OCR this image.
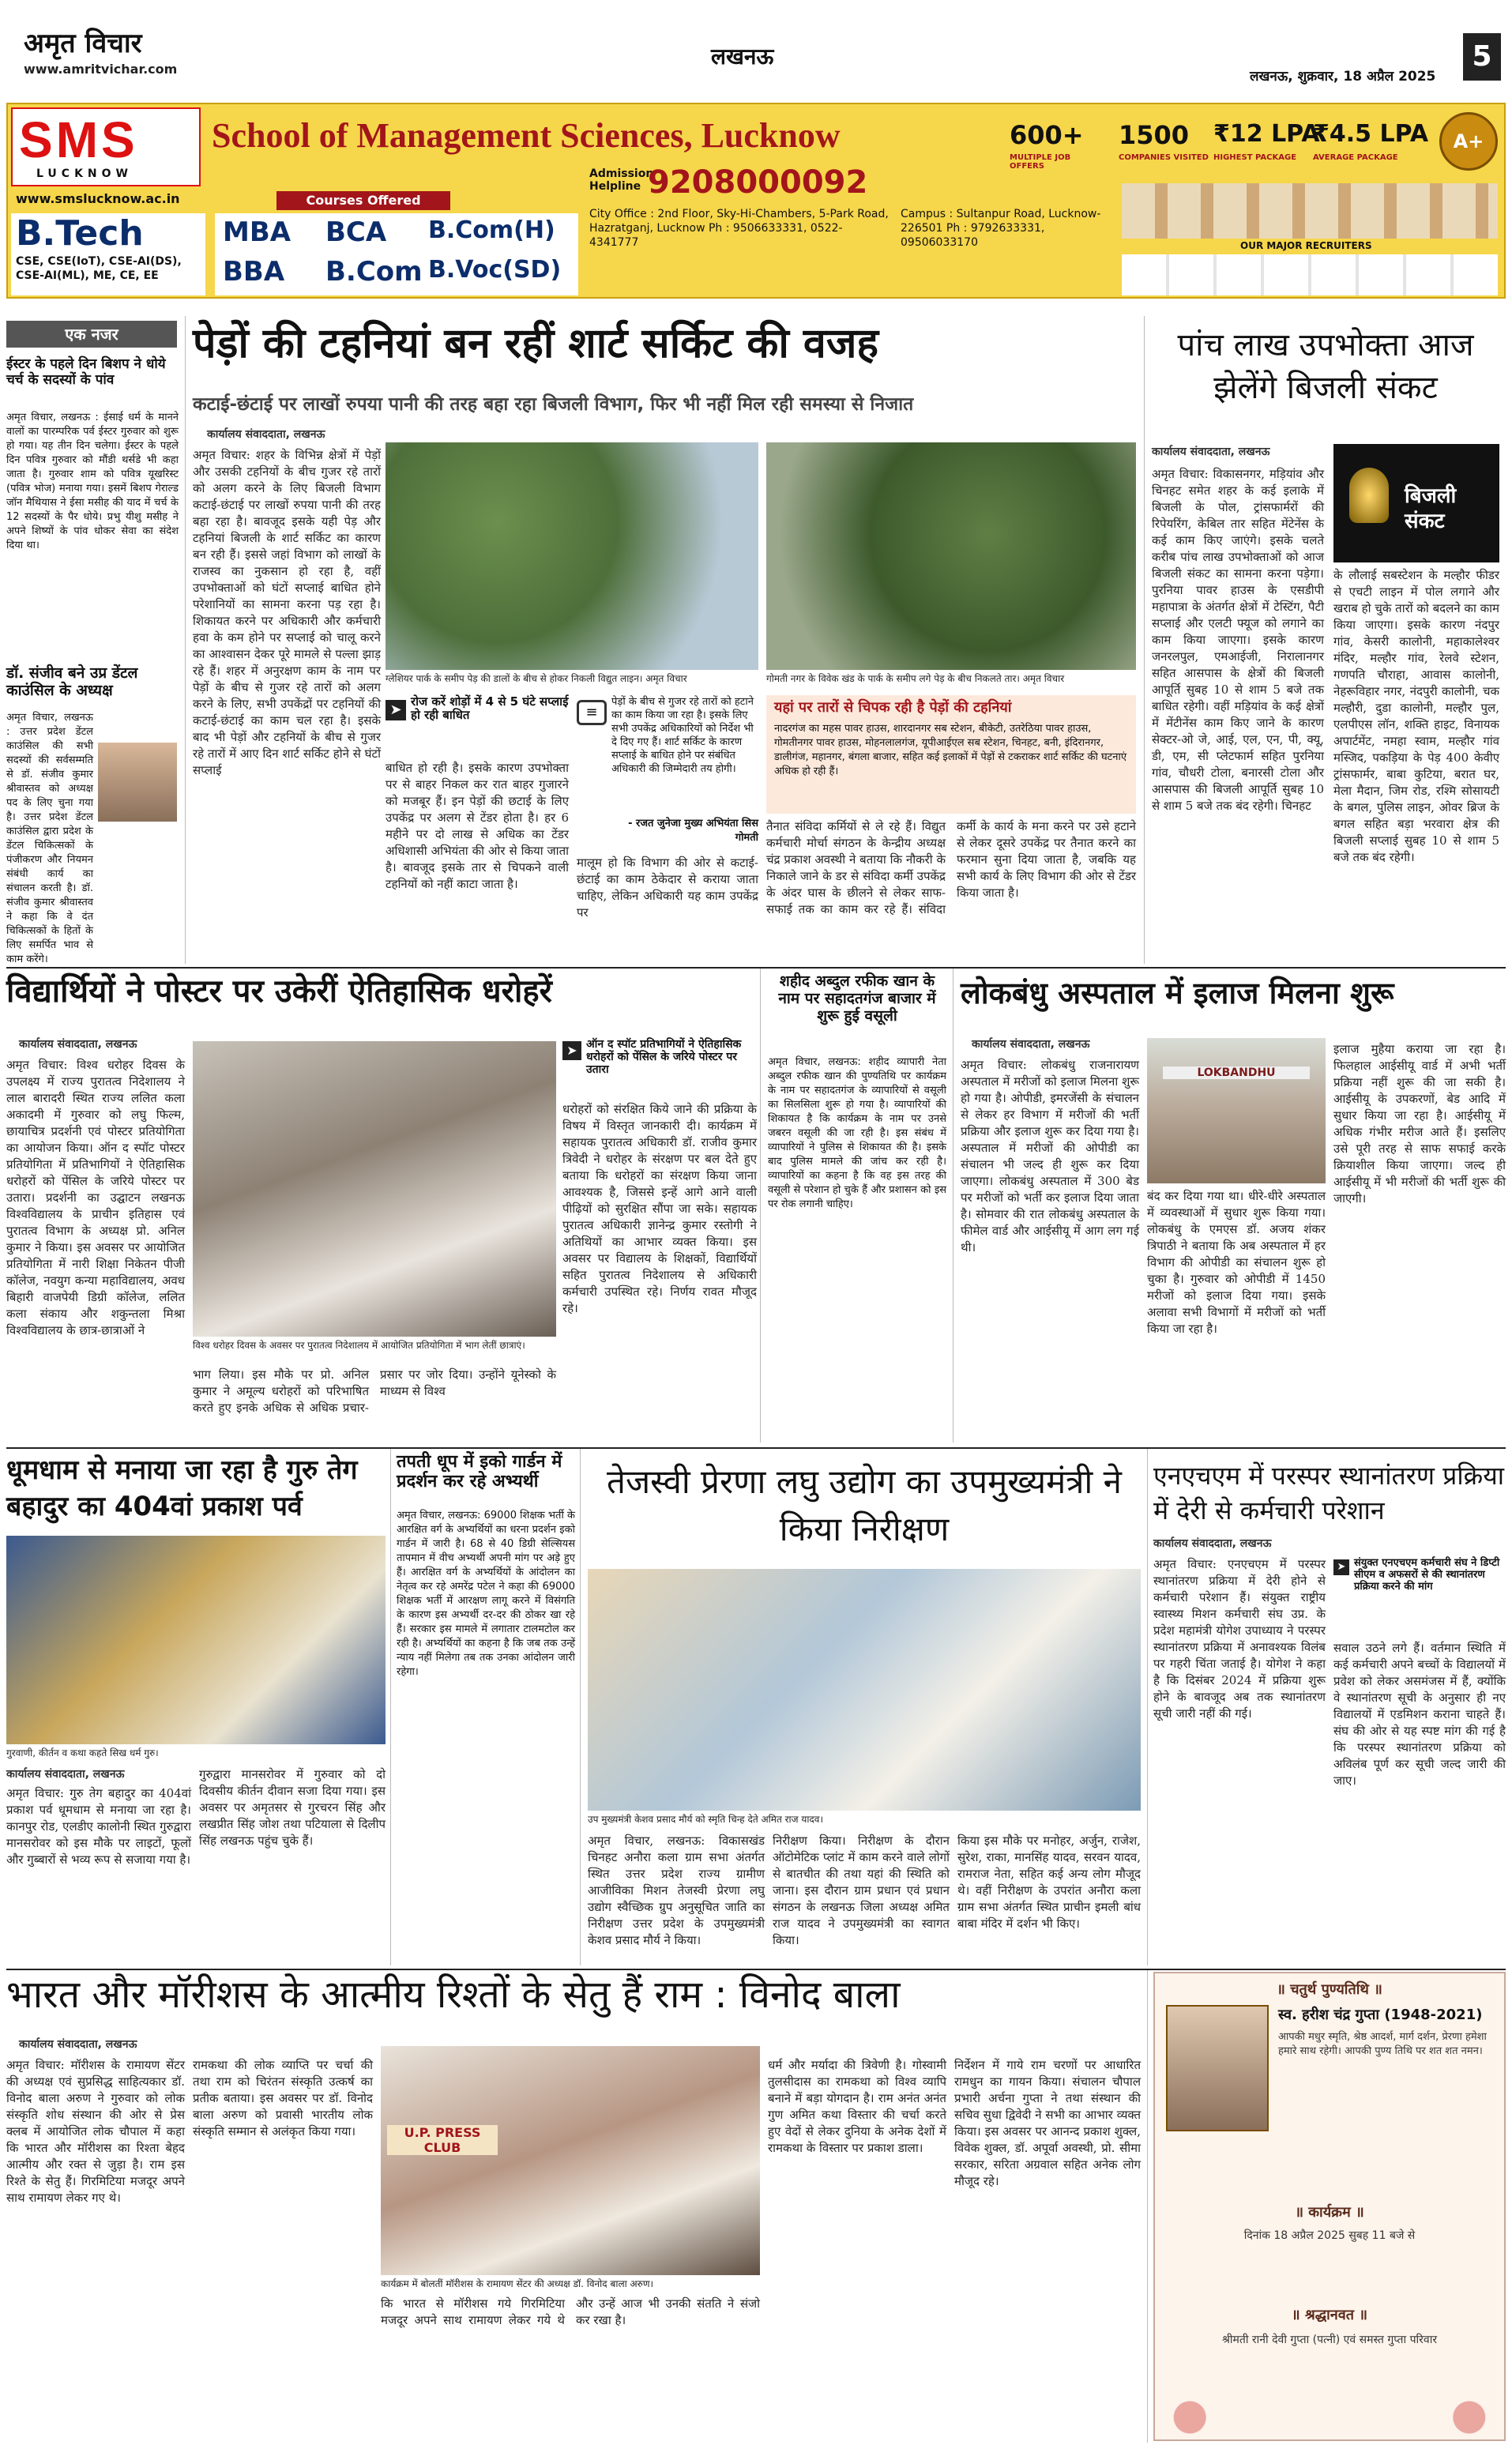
अमृत विचार
www.amritvichar.com	लखनऊ
लखनऊ, शुक्रवार, 18 अप्रैल 2025
5
SMS
LUCKNOW
www.smslucknow.ac.in
School of Management Sciences, Lucknow
Courses Offered
B.Tech
CSE, CSE(IoT), CSE-AI(DS), CSE-AI(ML), ME, CE, EE
MBA BCA B.Com(H)
BBA B.Com B.Voc(SD)
Admission Helpline 9208000092
City Office : 2nd Floor, Sky-Hi-Chambers, 5-Park Road, Hazratganj, Lucknow Ph : 9506633331, 0522-4341777
Campus : Sultanpur Road, Lucknow-226501 Ph : 9792633331, 09506033170
600+
MULTIPLE JOB OFFERS
1500
COMPANIES VISITED
₹12 LPA
HIGHEST PACKAGE
₹4.5 LPA
AVERAGE PACKAGE
A+
OUR MAJOR RECRUITERS
एक नजर
ईस्टर के पहले दिन बिशप ने धोये चर्च के सदस्यों के पांव
अमृत विचार, लखनऊ : ईसाई धर्म के मानने वालों का पारम्परिक पर्व ईस्टर गुरुवार को शुरू हो गया। यह तीन दिन चलेगा। ईस्टर के पहले दिन पवित्र गुरुवार को मौंडी थर्सडे भी कहा जाता है। गुरुवार शाम को पवित्र यूखरिस्ट (पवित्र भोज) मनाया गया। इसमें बिशप गेराल्ड जॉन मैथियास ने ईसा मसीह की याद में चर्च के 12 सदस्यों के पैर धोये। प्रभु यीशु मसीह ने अपने शिष्यों के पांव धोकर सेवा का संदेश दिया था।
डॉ. संजीव बने उप्र डेंटल काउंसिल के अध्यक्ष
अमृत विचार, लखनऊ : उत्तर प्रदेश डेंटल काउंसिल की सभी सदस्यों की सर्वसम्मति से डॉ. संजीव कुमार श्रीवास्तव को अध्यक्ष पद के लिए चुना गया है। उत्तर प्रदेश डेंटल काउंसिल द्वारा प्रदेश के डेंटल चिकित्सकों के पंजीकरण और नियमन संबंधी कार्य का संचालन करती है। डॉ. संजीव कुमार श्रीवास्तव ने कहा कि वे दंत चिकित्सकों के हितों के लिए समर्पित भाव से काम करेंगे।
पेड़ों की टहनियां बन रहीं शार्ट सर्किट की वजह
कटाई-छंटाई पर लाखों रुपया पानी की तरह बहा रहा बिजली विभाग, फिर भी नहीं मिल रही समस्या से निजात
कार्यालय संवाददाता, लखनऊ
अमृत विचार: शहर के विभिन्न क्षेत्रों में पेड़ों और उसकी टहनियों के बीच गुजर रहे तारों को अलग करने के लिए बिजली विभाग कटाई-छंटाई पर लाखों रुपया पानी की तरह बहा रहा है। बावजूद इसके यही पेड़ और टहनियां बिजली के शार्ट सर्किट का कारण बन रही हैं। इससे जहां विभाग को लाखों के राजस्व का नुकसान हो रहा है, वहीं उपभोक्ताओं को घंटों सप्लाई बाधित होने परेशानियों का सामना करना पड़ रहा है। शिकायत करने पर अधिकारी और कर्मचारी हवा के कम होने पर सप्लाई को चालू करने का आश्वासन देकर पूरे मामले से पल्ला झाड़ रहे हैं। शहर में अनुरक्षण काम के नाम पर पेड़ों के बीच से गुजर रहे तारों को अलग करने के लिए, सभी उपकेंद्रों पर टहनियों की कटाई-छंटाई का काम चल रहा है। इसके बाद भी पेड़ों और टहनियों के बीच से गुजर रहे तारों में आए दिन शार्ट सर्किट होने से घंटों सप्लाई
ग्लेशियर पार्क के समीप पेड़ की डालों के बीच से होकर निकली विद्युत लाइन। अमृत विचार	गोमती नगर के विवेक खंड के पार्क के समीप लगे पेड़ के बीच निकलते तार। अमृत विचार
➤ रोज करें शोड़ों में 4 से 5 घंटे सप्लाई हो रही बाधित
बाधित हो रही है। इसके कारण उपभोक्ता पर से बाहर निकल कर रात बाहर गुजारने को मजबूर हैं। इन पेड़ों की छटाई के लिए उपकेंद्र पर अलग से टेंडर होता है। हर 6 महीने पर दो लाख से अधिक का टेंडर अधिशासी अभियंता की ओर से किया जाता है। बावजूद इसके तार से चिपकने वाली टहनियों को नहीं काटा जाता है।
≡
पेड़ों के बीच से गुजर रहे तारों को हटाने का काम किया जा रहा है। इसके लिए सभी उपकेंद्र अधिकारियों को निर्देश भी दे दिए गए हैं। शार्ट सर्किट के कारण सप्लाई के बाधित होने पर संबंधित अधिकारी की जिम्मेदारी तय होगी।
- रजत जुनेजा मुख्य अभियंता सिस गोमती
मालूम हो कि विभाग की ओर से कटाई-छंटाई का काम ठेकेदार से कराया जाता चाहिए, लेकिन अधिकारी यह काम उपकेंद्र पर
यहां पर तारों से चिपक रही है पेड़ों की टहनियां
नादरगंज का महस पावर हाउस, शारदानगर सब स्टेशन, बीकेटी, उतरेठिया पावर हाउस, गोमतीनगर पावर हाउस, मोहनलालगंज, यूपीआईएल सब स्टेशन, चिनहट, बनी, इंदिरानगर, डालीगंज, महानगर, बंगला बाजार, सहित कई इलाकों में पेड़ों से टकराकर शार्ट सर्किट की घटनाएं अधिक हो रही हैं।
तैनात संविदा कर्मियों से ले रहे हैं। विद्युत कर्मचारी मोर्चा संगठन के केन्द्रीय अध्यक्ष चंद्र प्रकाश अवस्थी ने बताया कि नौकरी के निकाले जाने के डर से संविदा कर्मी उपकेंद्र के अंदर घास के छीलने से लेकर साफ-सफाई तक का काम कर रहे हैं। संविदा कर्मी के कार्य के मना करने पर उसे हटाने से लेकर दूसरे उपकेंद्र पर तैनात करने का फरमान सुना दिया जाता है, जबकि यह सभी कार्य के लिए विभाग की ओर से टेंडर किया जाता है।
पांच लाख उपभोक्ता आज झेलेंगे बिजली संकट
कार्यालय संवाददाता, लखनऊ
अमृत विचार: विकासनगर, मड़ियांव और चिनहट समेत शहर के कई इलाके में बिजली के पोल, ट्रांसफार्मरों की रिपेयरिंग, केबिल तार सहित मेंटेनेंस के कई काम किए जाएंगे। इसके चलते करीब पांच लाख उपभोक्ताओं को आज बिजली संकट का सामना करना पड़ेगा। पुरनिया पावर हाउस के एसडीपी महापात्रा के अंतर्गत क्षेत्रों में टेस्टिंग, पैटी सप्लाई और एलटी फ्यूज को लगाने का काम किया जाएगा। इसके कारण जनरलपुल, एमआईजी, निरालानगर सहित आसपास के क्षेत्रों की बिजली आपूर्ति सुबह 10 से शाम 5 बजे तक बाधित रहेगी। वहीं मड़ियांव के कई क्षेत्रों में मेंटीनेंस काम किए जाने के कारण सेक्टर-ओ जे, आई, एल, एन, पी, क्यू, डी, एम, सी प्लेटफार्म सहित पुरनिया गांव, चौधरी टोला, बनारसी टोला और आसपास की बिजली आपूर्ति सुबह 10 से शाम 5 बजे तक बंद रहेगी। चिनहट
बिजली संकट
के लौलाई सबस्टेशन के मल्हौर फीडर से एचटी लाइन में पोल लगाने और खराब हो चुके तारों को बदलने का काम किया जाएगा। इसके कारण नंदपुर गांव, केसरी कालोनी, महाकालेश्वर मंदिर, मल्हौर गांव, रेलवे स्टेशन, गणपति चौराहा, आवास कालोनी, नेहरूविहार नगर, नंदपुरी कालोनी, चक मल्हौरी, दुडा कालोनी, मल्हौर पुल, एलपीएस लॉन, शक्ति हाइट, विनायक अपार्टमेंट, नमहा स्वाम, मल्हौर गांव मस्जिद, पकड़िया के पेड़ 400 केवीए ट्रांसफार्मर, बाबा कुटिया, बरात घर, मेला मैदान, जिम रोड, रश्मि सोसायटी के बगल, पुलिस लाइन, ओवर ब्रिज के बगल सहित बड़ा भरवारा क्षेत्र की बिजली सप्लाई सुबह 10 से शाम 5 बजे तक बंद रहेगी।
विद्यार्थियों ने पोस्टर पर उकेरीं ऐतिहासिक धरोहरें
कार्यालय संवाददाता, लखनऊ
अमृत विचार: विश्व धरोहर दिवस के उपलक्ष्य में राज्य पुरातत्व निदेशालय ने लाल बारादरी स्थित राज्य ललित कला अकादमी में गुरुवार को लघु फिल्म, छायाचित्र प्रदर्शनी एवं पोस्टर प्रतियोगिता का आयोजन किया। ऑन द स्पॉट पोस्टर प्रतियोगिता में प्रतिभागियों ने ऐतिहासिक धरोहरों को पेंसिल के जरिये पोस्टर पर उतारा। प्रदर्शनी का उद्घाटन लखनऊ विश्वविद्यालय के प्राचीन इतिहास एवं पुरातत्व विभाग के अध्यक्ष प्रो. अनिल कुमार ने किया। इस अवसर पर आयोजित प्रतियोगिता में नारी शिक्षा निकेतन पीजी कॉलेज, नवयुग कन्या महाविद्यालय, अवध बिहारी वाजपेयी डिग्री कॉलेज, ललित कला संकाय और शकुन्तला मिश्रा विश्वविद्यालय के छात्र-छात्राओं ने
विश्व धरोहर दिवस के अवसर पर पुरातत्व निदेशालय में आयोजित प्रतियोगिता में भाग लेतीं छात्राएं।
➤ ऑन द स्पॉट प्रतिभागियों ने ऐतिहासिक धरोहरों को पेंसिल के जरिये पोस्टर पर उतारा
धरोहरों को संरक्षित किये जाने की प्रक्रिया के विषय में विस्तृत जानकारी दी। कार्यक्रम में सहायक पुरातत्व अधिकारी डॉ. राजीव कुमार त्रिवेदी ने धरोहर के संरक्षण पर बल देते हुए बताया कि धरोहरों का संरक्षण किया जाना आवश्यक है, जिससे इन्हें आगे आने वाली पीढ़ियों को सुरक्षित सौंपा जा सके। सहायक पुरातत्व अधिकारी ज्ञानेन्द्र कुमार रस्तोगी ने अतिथियों का आभार व्यक्त किया। इस अवसर पर विद्यालय के शिक्षकों, विद्यार्थियों सहित पुरातत्व निदेशालय से अधिकारी कर्मचारी उपस्थित रहे। निर्णय रावत मौजूद रहे।
भाग लिया। इस मौके पर प्रो. अनिल कुमार ने अमूल्य धरोहरों को परिभाषित करते हुए इनके अधिक से अधिक प्रचार-प्रसार पर जोर दिया। उन्होंने यूनेस्को के माध्यम से विश्व
शहीद अब्दुल रफीक खान के नाम पर सहादतगंज बाजार में शुरू हुई वसूली
अमृत विचार, लखनऊ: शहीद व्यापारी नेता अब्दुल रफीक खान की पुण्यतिथि पर कार्यक्रम के नाम पर सहादतगंज के व्यापारियों से वसूली का सिलसिला शुरू हो गया है। व्यापारियों की शिकायत है कि कार्यक्रम के नाम पर उनसे जबरन वसूली की जा रही है। इस संबंध में व्यापारियों ने पुलिस से शिकायत की है। इसके बाद पुलिस मामले की जांच कर रही है। व्यापारियों का कहना है कि वह इस तरह की वसूली से परेशान हो चुके हैं और प्रशासन को इस पर रोक लगानी चाहिए।
लोकबंधु अस्पताल में इलाज मिलना शुरू
कार्यालय संवाददाता, लखनऊ
अमृत विचार: लोकबंधु राजनारायण अस्पताल में मरीजों को इलाज मिलना शुरू हो गया है। ओपीडी, इमरजेंसी के संचालन से लेकर हर विभाग में मरीजों की भर्ती प्रक्रिया और इलाज शुरू कर दिया गया है। अस्पताल में मरीजों की ओपीडी का संचालन भी जल्द ही शुरू कर दिया जाएगा। लोकबंधु अस्पताल में 300 बेड पर मरीजों को भर्ती कर इलाज दिया जाता है। सोमवार की रात लोकबंधु अस्पताल के फीमेल वार्ड और आईसीयू में आग लग गई थी।
LOKBANDHU
बंद कर दिया गया था। धीरे-धीरे अस्पताल में व्यवस्थाओं में सुधार शुरू किया गया। लोकबंधु के एमएस डॉ. अजय शंकर त्रिपाठी ने बताया कि अब अस्पताल में हर विभाग की ओपीडी का संचालन शुरू हो चुका है। गुरुवार को ओपीडी में 1450 मरीजों को इलाज दिया गया। इसके अलावा सभी विभागों में मरीजों को भर्ती किया जा रहा है।
इलाज मुहैया कराया जा रहा है। फिलहाल आईसीयू वार्ड में अभी भर्ती प्रक्रिया नहीं शुरू की जा सकी है। आईसीयू के उपकरणों, बेड आदि में सुधार किया जा रहा है। आईसीयू में अधिक गंभीर मरीज आते हैं। इसलिए उसे पूरी तरह से साफ सफाई करके क्रियाशील किया जाएगा। जल्द ही आईसीयू में भी मरीजों की भर्ती शुरू की जाएगी।
धूमधाम से मनाया जा रहा है गुरु तेग बहादुर का 404वां प्रकाश पर्व
गुरवाणी, कीर्तन व कथा कहते सिख धर्म गुरु।
कार्यालय संवाददाता, लखनऊ
अमृत विचार: गुरु तेग बहादुर का 404वां प्रकाश पर्व धूमधाम से मनाया जा रहा है। कानपुर रोड, एलडीए कालोनी स्थित गुरुद्वारा मानसरोवर को इस मौके पर लाइटों, फूलों और गुब्बारों से भव्य रूप से सजाया गया है।
गुरुद्वारा मानसरोवर में गुरुवार को दो दिवसीय कीर्तन दीवान सजा दिया गया। इस अवसर पर अमृतसर से गुरचरन सिंह और लखप्रीत सिंह जोश तथा पटियाला से दिलीप सिंह लखनऊ पहुंच चुके हैं।
तपती धूप में इको गार्डन में प्रदर्शन कर रहे अभ्यर्थी
अमृत विचार, लखनऊ: 69000 शिक्षक भर्ती के आरक्षित वर्ग के अभ्यर्थियों का धरना प्रदर्शन इको गार्डन में जारी है। 68 से 40 डिग्री सेल्सियस तापमान में वीच अभ्यर्थी अपनी मांग पर अड़े हुए हैं। आरक्षित वर्ग के अभ्यर्थियों के आंदोलन का नेतृत्व कर रहे अमरेंद्र पटेल ने कहा की 69000 शिक्षक भर्ती में आरक्षण लागू करने में विसंगति के कारण इस अभ्यर्थी दर-दर की ठोकर खा रहे हैं। सरकार इस मामले में लगातार टालमटोल कर रही है। अभ्यर्थियों का कहना है कि जब तक उन्हें न्याय नहीं मिलेगा तब तक उनका आंदोलन जारी रहेगा।
तेजस्वी प्रेरणा लघु उद्योग का उपमुख्यमंत्री ने किया निरीक्षण
उप मुख्यमंत्री केशव प्रसाद मौर्य को स्मृति चिन्ह देते अमित राज यादव।
अमृत विचार, लखनऊ: विकासखंड चिनहट अनौरा कला ग्राम सभा अंतर्गत स्थित उत्तर प्रदेश राज्य ग्रामीण आजीविका मिशन तेजस्वी प्रेरणा लघु उद्योग स्वैच्छिक ग्रुप अनुसूचित जाति का निरीक्षण उत्तर प्रदेश के उपमुख्यमंत्री केशव प्रसाद मौर्य ने किया।
निरीक्षण किया। निरीक्षण के दौरान ऑटोमेटिक प्लांट में काम करने वाले लोगों से बातचीत की तथा यहां की स्थिति को जाना। इस दौरान ग्राम प्रधान एवं प्रधान संगठन के लखनऊ जिला अध्यक्ष अमित राज यादव ने उपमुख्यमंत्री का स्वागत किया।
किया इस मौके पर मनोहर, अर्जुन, राजेश, सुरेश, राका, मानसिंह यादव, सरवन यादव, रामराज नेता, सहित कई अन्य लोग मौजूद थे। वहीं निरीक्षण के उपरांत अनौरा कला ग्राम सभा अंतर्गत स्थित प्राचीन इमली बांध बाबा मंदिर में दर्शन भी किए।
एनएचएम में परस्पर स्थानांतरण प्रक्रिया में देरी से कर्मचारी परेशान
कार्यालय संवाददाता, लखनऊ
अमृत विचार: एनएचएम में परस्पर स्थानांतरण प्रक्रिया में देरी होने से कर्मचारी परेशान हैं। संयुक्त राष्ट्रीय स्वास्थ्य मिशन कर्मचारी संघ उप्र. के प्रदेश महामंत्री योगेश उपाध्याय ने परस्पर स्थानांतरण प्रक्रिया में अनावश्यक विलंब पर गहरी चिंता जताई है। योगेश ने कहा है कि दिसंबर 2024 में प्रक्रिया शुरू होने के बावजूद अब तक स्थानांतरण सूची जारी नहीं की गई।
➤ संयुक्त एनएचएम कर्मचारी संघ ने डिप्टी सीएम व अफसरों से की स्थानांतरण प्रक्रिया करने की मांग
सवाल उठने लगे हैं। वर्तमान स्थिति में कई कर्मचारी अपने बच्चों के विद्यालयों में प्रवेश को लेकर असमंजस में हैं, क्योंकि वे स्थानांतरण सूची के अनुसार ही नए विद्यालयों में एडमिशन कराना चाहते हैं। संघ की ओर से यह स्पष्ट मांग की गई है कि परस्पर स्थानांतरण प्रक्रिया को अविलंब पूर्ण कर सूची जल्द जारी की जाए।
भारत और मॉरीशस के आत्मीय रिश्तों के सेतु हैं राम : विनोद बाला
कार्यालय संवाददाता, लखनऊ
अमृत विचार: मॉरीशस के रामायण सेंटर की अध्यक्ष एवं सुप्रसिद्ध साहित्यकार डॉ. विनोद बाला अरुण ने गुरुवार को लोक संस्कृति शोध संस्थान की ओर से प्रेस क्लब में आयोजित लोक चौपाल में कहा कि भारत और मॉरीशस का रिश्ता बेहद आत्मीय और रक्त से जुड़ा है। राम इस रिश्ते के सेतु हैं। गिरमिटिया मजदूर अपने साथ रामायण लेकर गए थे।
रामकथा की लोक व्याप्ति पर चर्चा की तथा राम को चिरंतन संस्कृति उत्कर्ष का प्रतीक बताया। इस अवसर पर डॉ. विनोद बाला अरुण को प्रवासी भारतीय लोक संस्कृति सम्मान से अलंकृत किया गया।	U.P. PRESS CLUB
कार्यक्रम में बोलतीं मॉरीशस के रामायण सेंटर की अध्यक्ष डॉ. विनोद बाला अरुण।
कि भारत से मॉरीशस गये गिरमिटिया मजदूर अपने साथ रामायण लेकर गये थे और उन्हें आज भी उनकी संतति ने संजो कर रखा है।
धर्म और मर्यादा की त्रिवेणी है। गोस्वामी तुलसीदास का रामकथा को विश्व व्यापि बनाने में बड़ा योगदान है। राम अनंत अनंत गुण अमित कथा विस्तार की चर्चा करते हुए वेदों से लेकर दुनिया के अनेक देशों में रामकथा के विस्तार पर प्रकाश डाला।
निर्देशन में गाये राम चरणों पर आधारित रामधुन का गायन किया। संचालन चौपाल प्रभारी अर्चना गुप्ता ने तथा संस्थान की सचिव सुधा द्विवेदी ने सभी का आभार व्यक्त किया। इस अवसर पर आनन्द प्रकाश शुक्ल, विवेक शुक्ल, डॉ. अपूर्वा अवस्थी, प्रो. सीमा सरकार, सरिता अग्रवाल सहित अनेक लोग मौजूद रहे।
॥ चतुर्थ पुण्यतिथि ॥
स्व. हरीश चंद्र गुप्ता (1948-2021)
आपकी मधुर स्मृति, श्रेष्ठ आदर्श, मार्ग दर्शन, प्रेरणा हमेशा हमारे साथ रहेगी। आपकी पुण्य तिथि पर शत शत नमन।
॥ कार्यक्रम ॥
दिनांक 18 अप्रैल 2025 सुबह 11 बजे से
॥ श्रद्धानवत ॥
श्रीमती रानी देवी गुप्ता (पत्नी) एवं समस्त गुप्ता परिवार
